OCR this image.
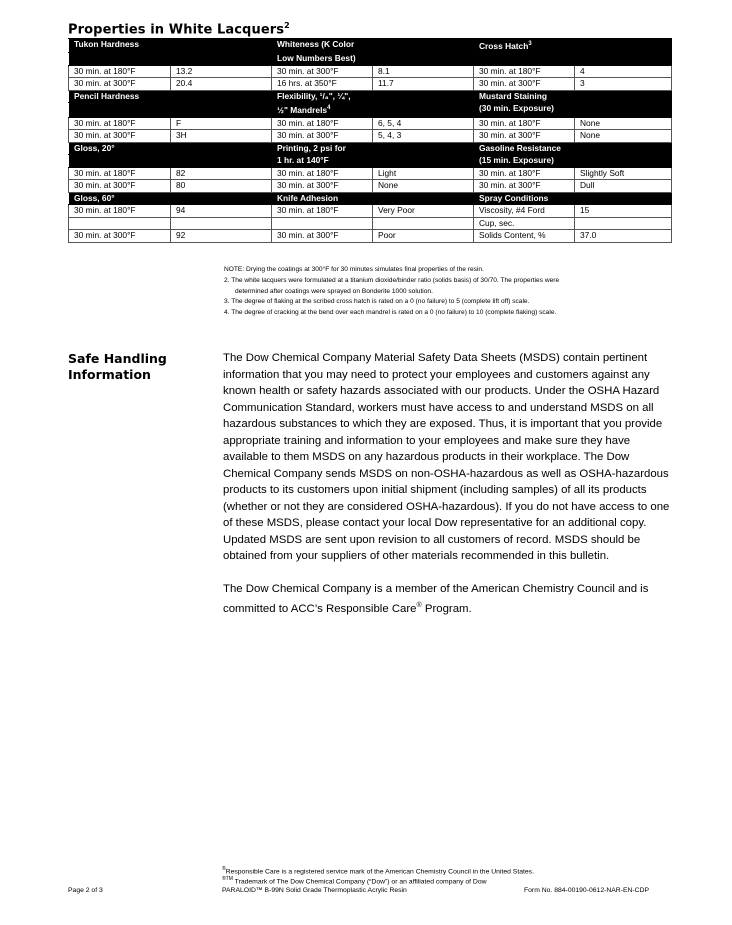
Properties in White Lacquers$^2$
Tukon Hardness		Whiteness (K Color		Cross Hatch$^3$	
		Low Numbers Best)			
30 min. at 180°F	13.2	30 min. at 300°F	8.1	30 min. at 180°F	4
30 min. at 300°F	20.4	16 hrs. at 350°F	11.7	30 min. at 300°F	3
Pencil Hardness		Flexibility, ¹/₈", ¼",		Mustard Staining	
		½" Mandrels$^4$		(30 min. Exposure)	
30 min. at 180°F	F	30 min. at 180°F	6, 5, 4	30 min. at 180°F	None
30 min. at 300°F	3H	30 min. at 300°F	5, 4, 3	30 min. at 300°F	None
Gloss, 20°		Printing, 2 psi for		Gasoline Resistance	
		1 hr. at 140°F		(15 min. Exposure)	
30 min. at 180°F	82	30 min. at 180°F	Light	30 min. at 180°F	Slightly Soft
30 min. at 300°F	80	30 min. at 300°F	None	30 min. at 300°F	Dull
Gloss, 60°		Knife Adhesion		Spray Conditions	
30 min. at 180°F	94	30 min. at 180°F	Very Poor	Viscosity, #4 Ford	15
				Cup, sec.	
30 min. at 300°F	92	30 min. at 300°F	Poor	Solids Content, %	37.0
NOTE: Drying the coatings at 300°F for 30 minutes simulates final properties of the resin.
2. The white lacquers were formulated at a titanium dioxide/binder ratio (solids basis) of 30/70. The properties were
determined after coatings were sprayed on Bonderite 1000 solution.
3. The degree of flaking at the scribed cross hatch is rated on a 0 (no failure) to 5 (complete lift off) scale.
4. The degree of cracking at the bend over each mandrel is rated on a 0 (no failure) to 10 (complete flaking) scale.
Safe Handling
Information

The Dow Chemical Company Material Safety Data Sheets (MSDS) contain pertinent information that you may need to protect your employees and customers against any known health or safety hazards associated with our products. Under the OSHA Hazard Communication Standard, workers must have access to and understand MSDS on all hazardous substances to which they are exposed. Thus, it is important that you provide appropriate training and information to your employees and make sure they have available to them MSDS on any hazardous products in their workplace. The Dow Chemical Company sends MSDS on non-OSHA-hazardous as well as OSHA-hazardous products to its customers upon initial shipment (including samples) of all its products (whether or not they are considered OSHA-hazardous). If you do not have access to one of these MSDS, please contact your local Dow representative for an additional copy. Updated MSDS are sent upon revision to all customers of record. MSDS should be obtained from your suppliers of other materials recommended in this bulletin.

The Dow Chemical Company is a member of the American Chemistry Council and is committed to ACC’s Responsible Care® Program.

®Responsible Care is a registered service mark of the American Chemistry Council in the United States.
$^{®TM}$ Trademark of The Dow Chemical Company (“Dow”) or an affiliated company of Dow
Page 2 of 3	PARALOID™ B-99N Solid Grade Thermoplastic Acrylic Resin	Form No. 884-00190-0612-NAR-EN-CDP
